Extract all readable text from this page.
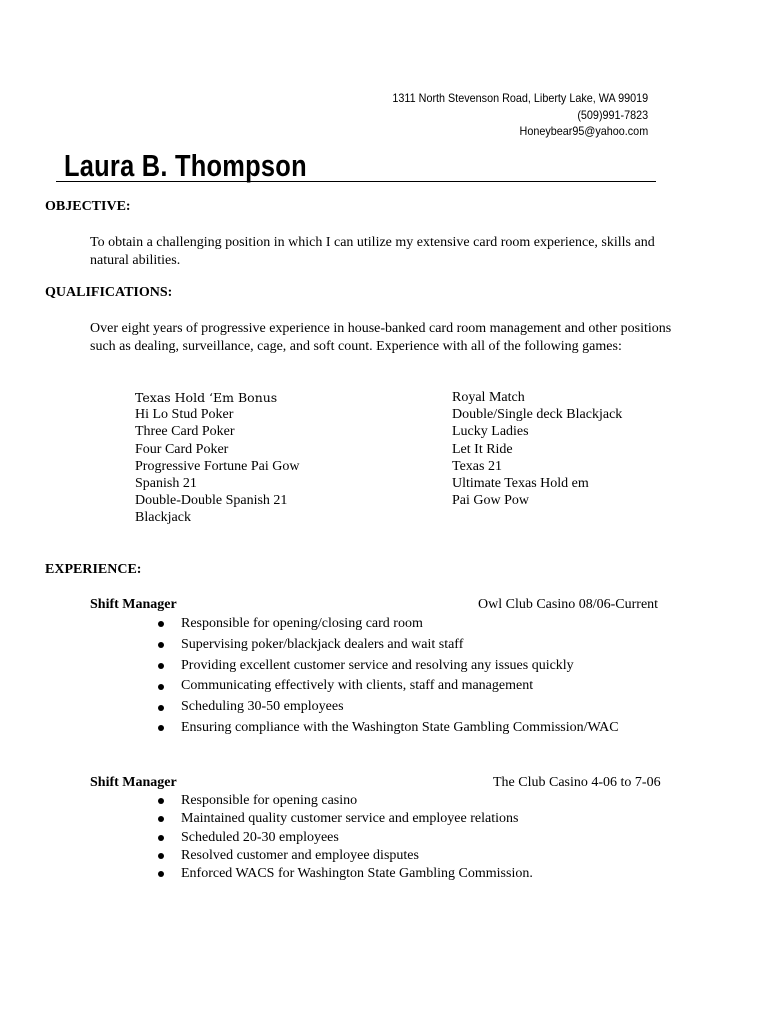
1311 North Stevenson Road, Liberty Lake, WA 99019
(509)991-7823
Honeybear95@yahoo.com
Laura B. Thompson
OBJECTIVE:
To obtain a challenging position in which I can utilize my extensive card room experience, skills and natural abilities.
QUALIFICATIONS:
Over eight years of progressive experience in house-banked card room management and other positions such as dealing, surveillance, cage, and soft count. Experience with all of the following games:
Texas Hold ‘Em Bonus
Hi Lo Stud Poker
Three Card Poker
Four Card Poker
Progressive Fortune Pai Gow
Spanish 21
Double-Double Spanish 21
Blackjack
Royal Match
Double/Single deck Blackjack
Lucky Ladies
Let It Ride
Texas 21
Ultimate Texas Hold em
Pai Gow Pow
EXPERIENCE:
Shift Manager	Owl Club Casino 08/06-Current
Responsible for opening/closing card room
Supervising poker/blackjack dealers and wait staff
Providing excellent customer service and resolving any issues quickly
Communicating effectively with clients, staff and management
Scheduling 30-50 employees
Ensuring compliance with the Washington State Gambling Commission/WAC
Shift Manager	The Club Casino 4-06 to 7-06
Responsible for opening casino
Maintained quality customer service and employee relations
Scheduled 20-30 employees
Resolved customer and employee disputes
Enforced WACS for Washington State Gambling Commission.
